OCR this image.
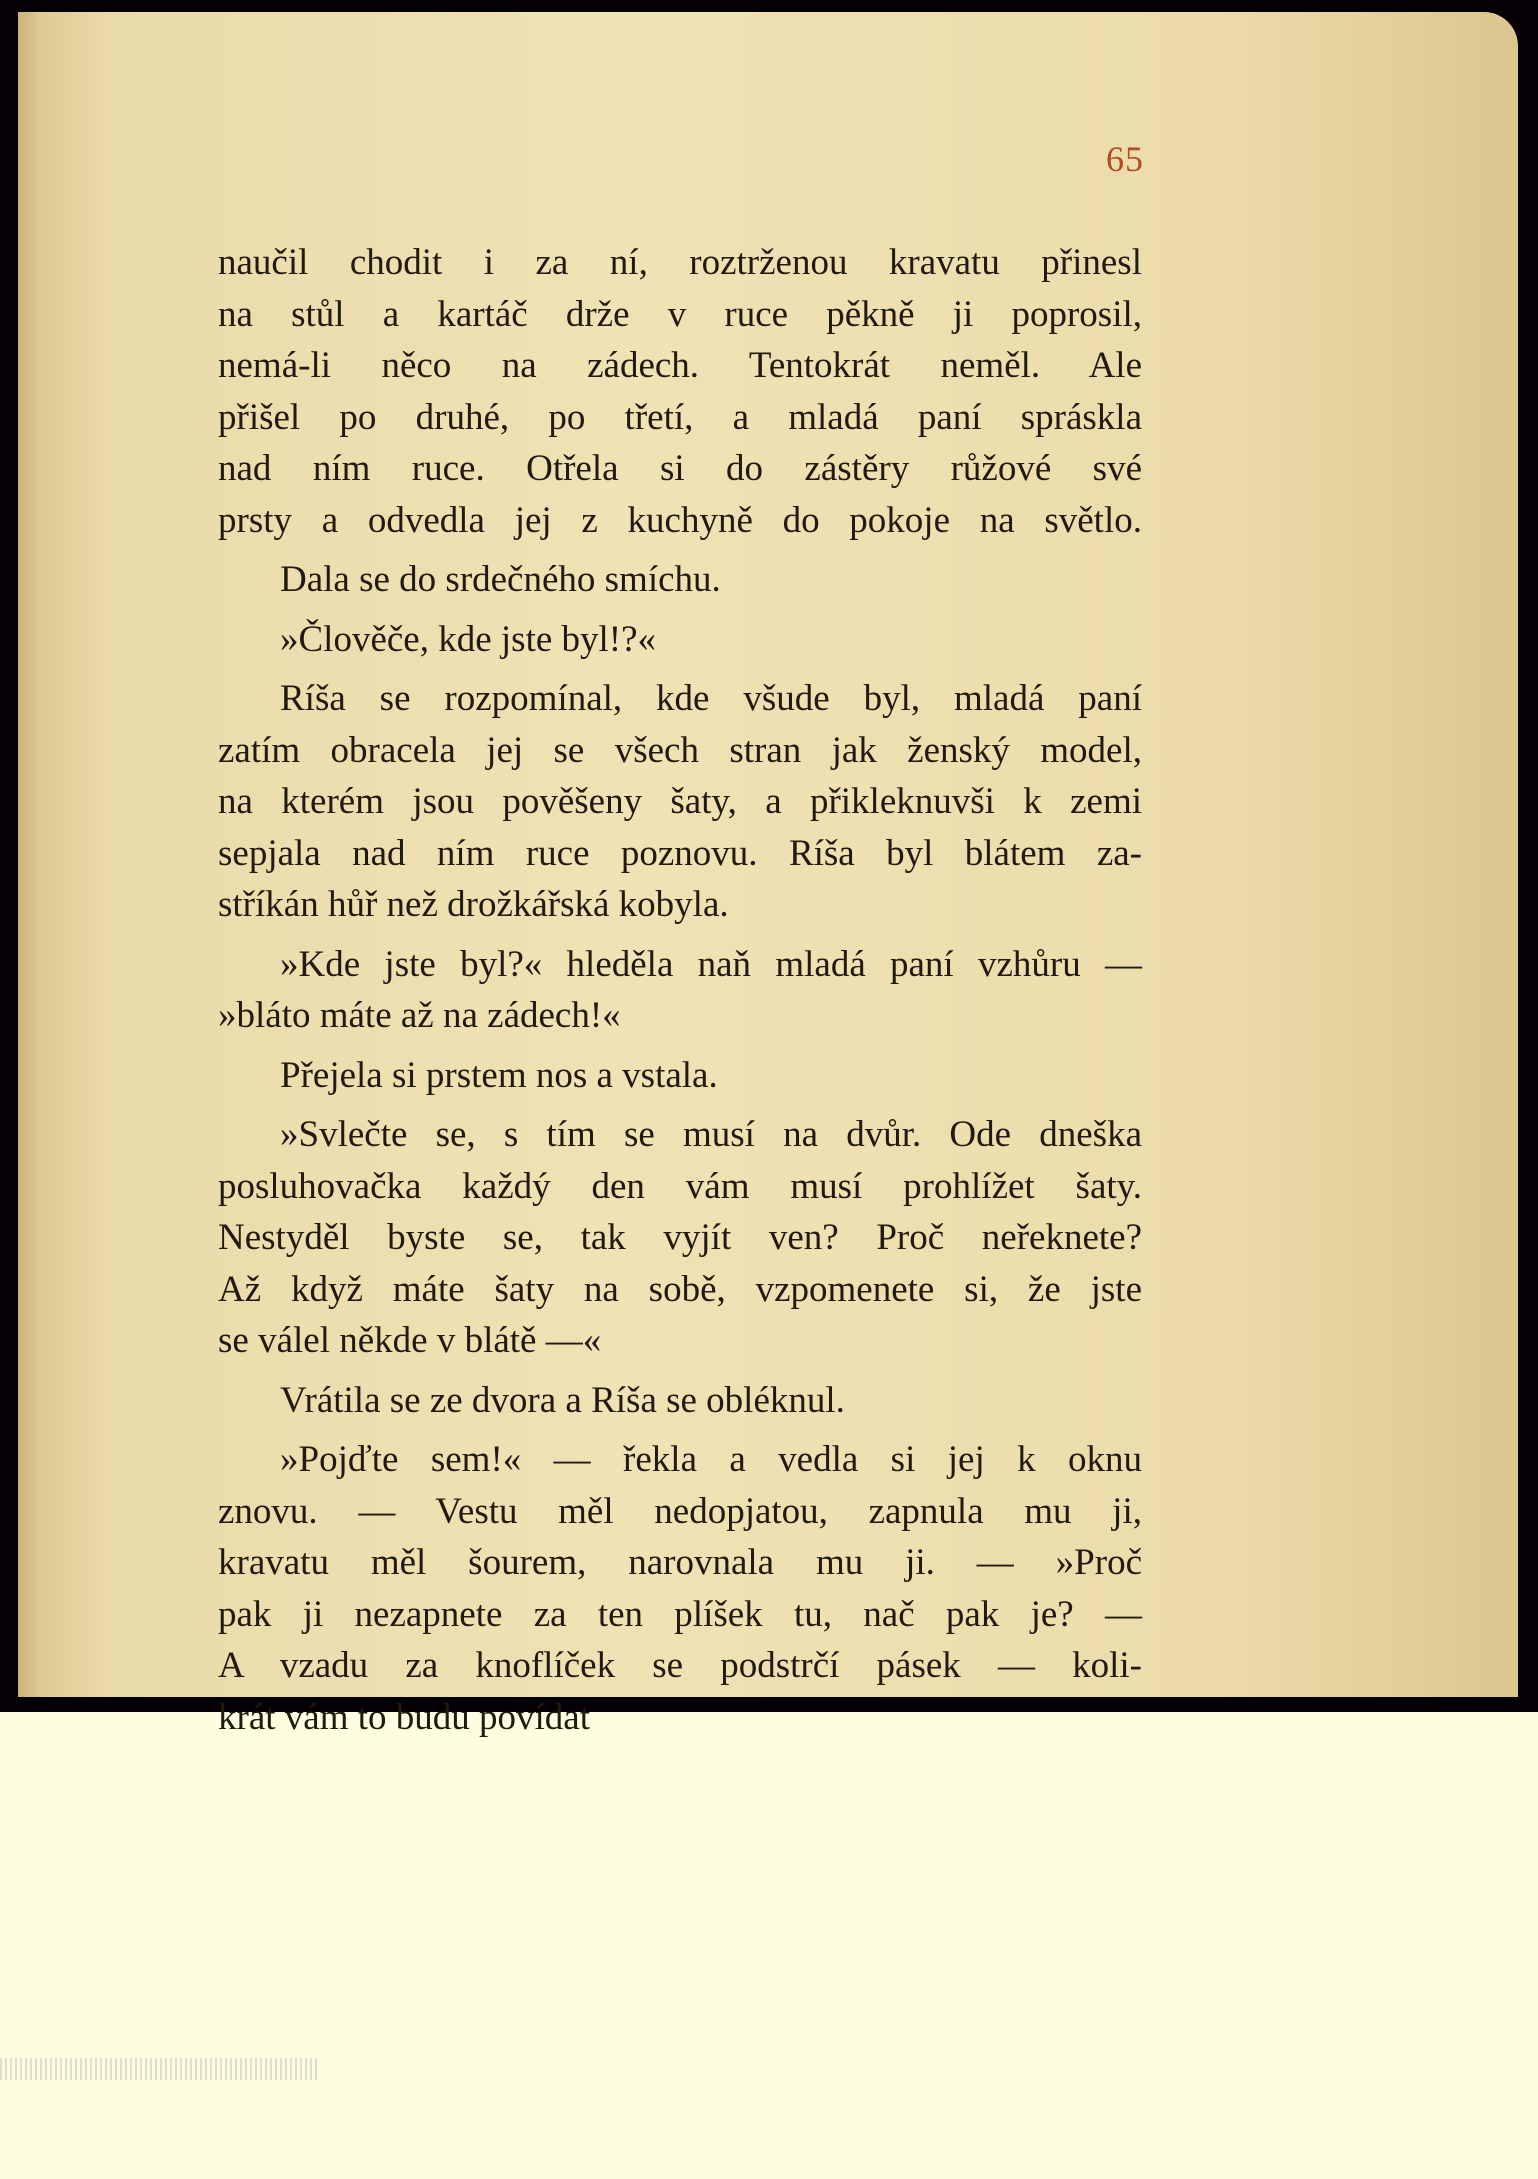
65
naučil chodit i za ní, roztrženou kravatu přinesl
na stůl a kartáč drže v ruce pěkně ji poprosil,
nemá-li něco na zádech. Tentokrát neměl. Ale
přišel po druhé, po třetí, a mladá paní spráskla
nad ním ruce. Otřela si do zástěry růžové své
prsty a odvedla jej z kuchyně do pokoje na světlo.
Dala se do srdečného smíchu.
»Člověče, kde jste byl!?«
Ríša se rozpomínal, kde všude byl, mladá paní
zatím obracela jej se všech stran jak ženský model,
na kterém jsou pověšeny šaty, a přikleknuvši k zemi
sepjala nad ním ruce poznovu. Ríša byl blátem za-
stříkán hůř než drožkářská kobyla.
»Kde jste byl?« hleděla naň mladá paní vzhůru —
»bláto máte až na zádech!«
Přejela si prstem nos a vstala.
»Svlečte se, s tím se musí na dvůr. Ode dneška
posluhovačka každý den vám musí prohlížet šaty.
Nestyděl byste se, tak vyjít ven? Proč neřeknete?
Až když máte šaty na sobě, vzpomenete si, že jste
se válel někde v blátě —«
Vrátila se ze dvora a Ríša se obléknul.
»Pojďte sem!« — řekla a vedla si jej k oknu
znovu. — Vestu měl nedopjatou, zapnula mu ji,
kravatu měl šourem, narovnala mu ji. — »Proč
pak ji nezapnete za ten plíšek tu, nač pak je? —
A vzadu za knoflíček se podstrčí pásek — koli-
krát vám to budu povídat
